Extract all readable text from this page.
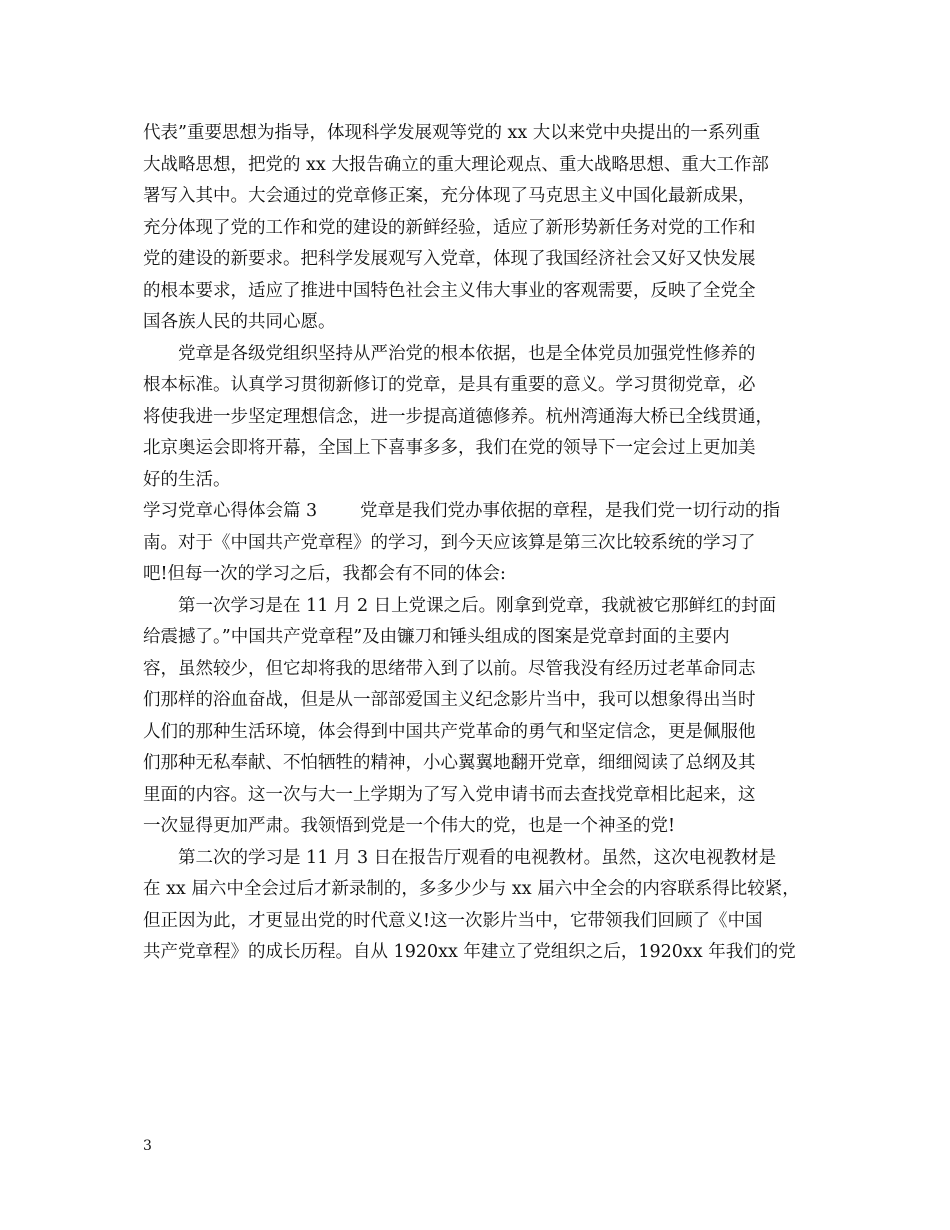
代表”重要思想为指导，体现科学发展观等党的 xx 大以来党中央提出的一系列重
大战略思想，把党的 xx 大报告确立的重大理论观点、重大战略思想、重大工作部
署写入其中。大会通过的党章修正案，充分体现了马克思主义中国化最新成果，
充分体现了党的工作和党的建设的新鲜经验，适应了新形势新任务对党的工作和
党的建设的新要求。把科学发展观写入党章，体现了我国经济社会又好又快发展
的根本要求，适应了推进中国特色社会主义伟大事业的客观需要，反映了全党全
国各族人民的共同心愿。
　　党章是各级党组织坚持从严治党的根本依据，也是全体党员加强党性修养的
根本标准。认真学习贯彻新修订的党章，是具有重要的意义。学习贯彻党章，必
将使我进一步坚定理想信念，进一步提高道德修养。杭州湾通海大桥已全线贯通，
北京奥运会即将开幕，全国上下喜事多多，我们在党的领导下一定会过上更加美
好的生活。
学习党章心得体会篇 3 党章是我们党办事依据的章程，是我们党一切行动的指
南。对于《中国共产党章程》的学习，到今天应该算是第三次比较系统的学习了
吧!但每一次的学习之后，我都会有不同的体会:
　　第一次学习是在 11 月 2 日上党课之后。刚拿到党章，我就被它那鲜红的封面
给震撼了。”中国共产党章程”及由镰刀和锤头组成的图案是党章封面的主要内
容，虽然较少，但它却将我的思绪带入到了以前。尽管我没有经历过老革命同志
们那样的浴血奋战，但是从一部部爱国主义纪念影片当中，我可以想象得出当时
人们的那种生活环境，体会得到中国共产党革命的勇气和坚定信念，更是佩服他
们那种无私奉献、不怕牺牲的精神，小心翼翼地翻开党章，细细阅读了总纲及其
里面的内容。这一次与大一上学期为了写入党申请书而去查找党章相比起来，这
一次显得更加严肃。我领悟到党是一个伟大的党，也是一个神圣的党!
　　第二次的学习是 11 月 3 日在报告厅观看的电视教材。虽然，这次电视教材是
在 xx 届六中全会过后才新录制的，多多少少与 xx 届六中全会的内容联系得比较紧，
但正因为此，才更显出党的时代意义!这一次影片当中，它带领我们回顾了《中国
共产党章程》的成长历程。自从 1920xx 年建立了党组织之后，1920xx 年我们的党
3
